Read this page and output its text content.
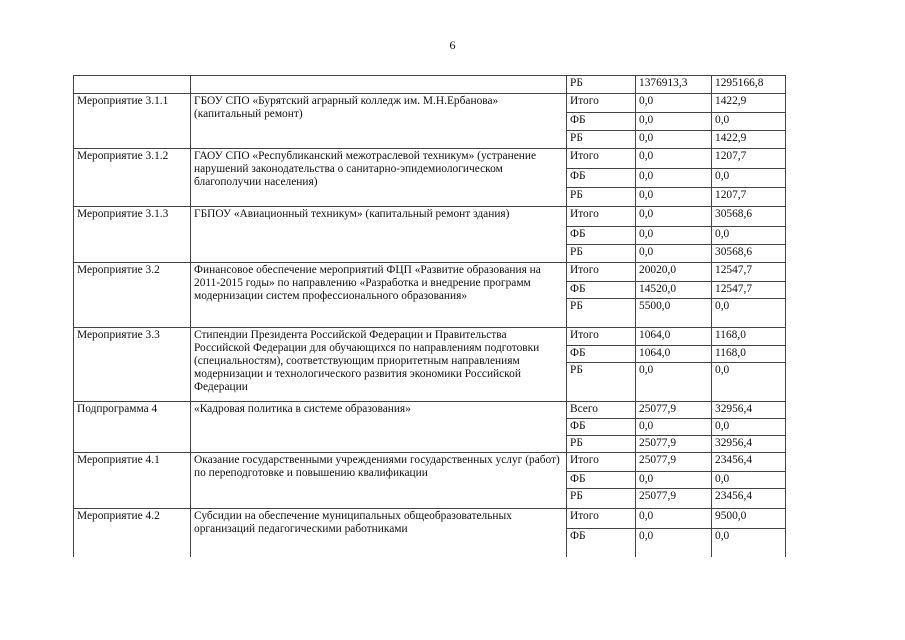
6
		РБ	1376913,3	1295166,8
Мероприятие 3.1.1	ГБОУ СПО «Бурятский аграрный колледж им. М.Н.Ербанова» (капитальный ремонт)	Итого	0,0	1422,9
		ФБ	0,0	0,0
		РБ	0,0	1422,9
Мероприятие 3.1.2	ГАОУ СПО «Республиканский межотраслевой техникум» (устранение нарушений законодательства о санитарно-эпидемиологическом благополучии населения)	Итого	0,0	1207,7
		ФБ	0,0	0,0
		РБ	0,0	1207,7
Мероприятие 3.1.3	ГБПОУ «Авиационный техникум» (капитальный ремонт здания)	Итого	0,0	30568,6
		ФБ	0,0	0,0
		РБ	0,0	30568,6
Мероприятие 3.2	Финансовое обеспечение мероприятий ФЦП «Развитие образования на 2011-2015 годы» по направлению «Разработка и внедрение программ модернизации систем профессионального образования»	Итого	20020,0	12547,7
		ФБ	14520,0	12547,7
		РБ	5500,0	0,0
Мероприятие 3.3	Стипендии Президента Российской Федерации и Правительства Российской Федерации для обучающихся по направлениям подготовки (специальностям), соответствующим приоритетным направлениям модернизации и технологического развития экономики Российской Федерации	Итого	1064,0	1168,0
		ФБ	1064,0	1168,0
		РБ	0,0	0,0
Подпрограмма 4	«Кадровая политика в системе образования»	Всего	25077,9	32956,4
		ФБ	0,0	0,0
		РБ	25077,9	32956,4
Мероприятие 4.1	Оказание государственными учреждениями государственных услуг (работ) по переподготовке и повышению квалификации	Итого	25077,9	23456,4
		ФБ	0,0	0,0
		РБ	25077,9	23456,4
Мероприятие 4.2	Субсидии на обеспечение муниципальных общеобразовательных организаций педагогическими работниками	Итого	0,0	9500,0
		ФБ	0,0	0,0
